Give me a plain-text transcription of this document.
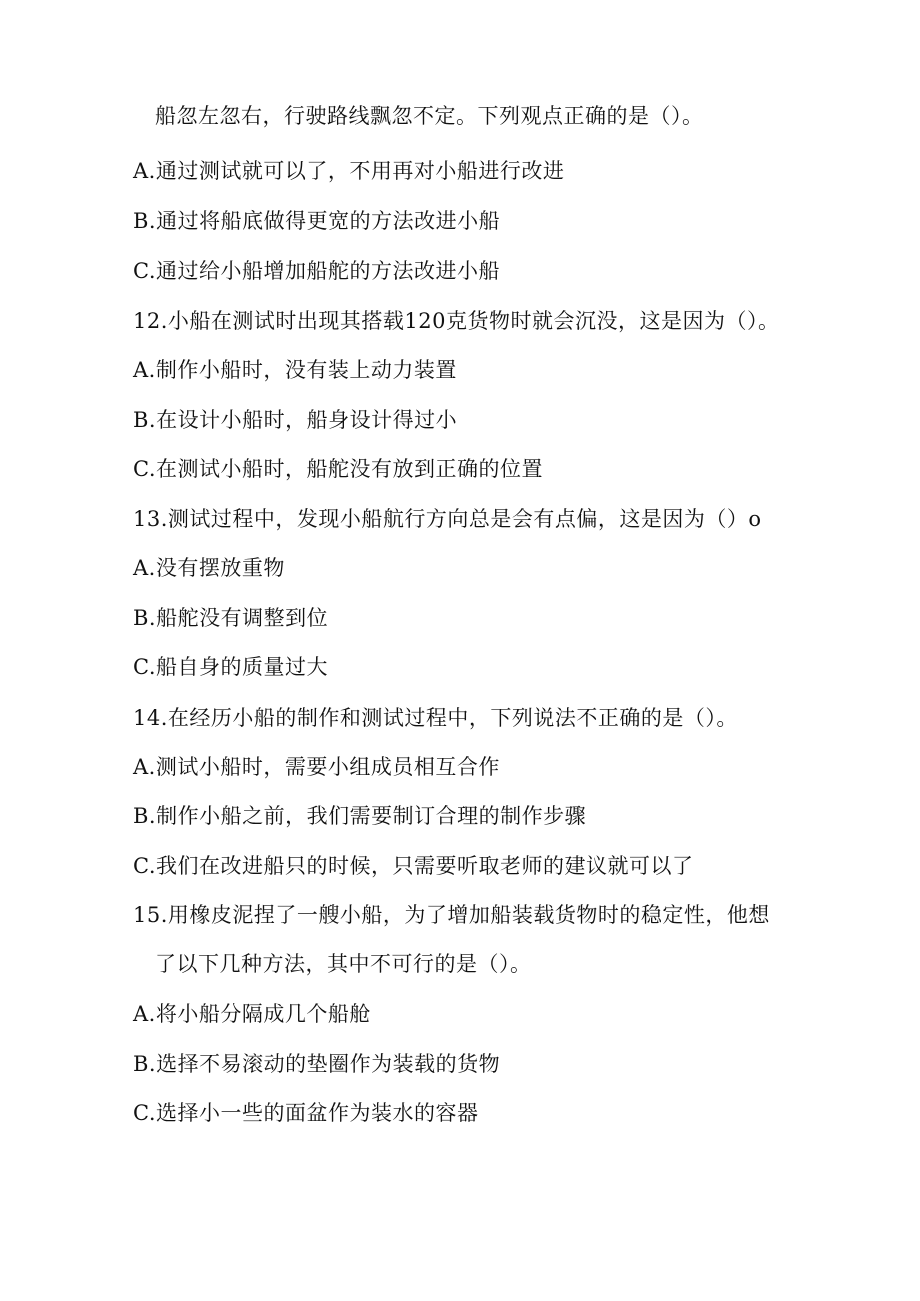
船忽左忽右，行驶路线飘忽不定。下列观点正确的是（）。
A.通过测试就可以了，不用再对小船进行改进
B.通过将船底做得更宽的方法改进小船
C.通过给小船增加船舵的方法改进小船
12.小船在测试时出现其搭载120克货物时就会沉没，这是因为（）。
A.制作小船时，没有装上动力装置
B.在设计小船时，船身设计得过小
C.在测试小船时，船舵没有放到正确的位置
13.测试过程中，发现小船航行方向总是会有点偏，这是因为（）o
A.没有摆放重物
B.船舵没有调整到位
C.船自身的质量过大
14.在经历小船的制作和测试过程中，下列说法不正确的是（）。
A.测试小船时，需要小组成员相互合作
B.制作小船之前，我们需要制订合理的制作步骤
C.我们在改进船只的时候，只需要听取老师的建议就可以了
15.用橡皮泥捏了一艘小船，为了增加船装载货物时的稳定性，他想
了以下几种方法，其中不可行的是（）。
A.将小船分隔成几个船舱
B.选择不易滚动的垫圈作为装载的货物
C.选择小一些的面盆作为装水的容器
